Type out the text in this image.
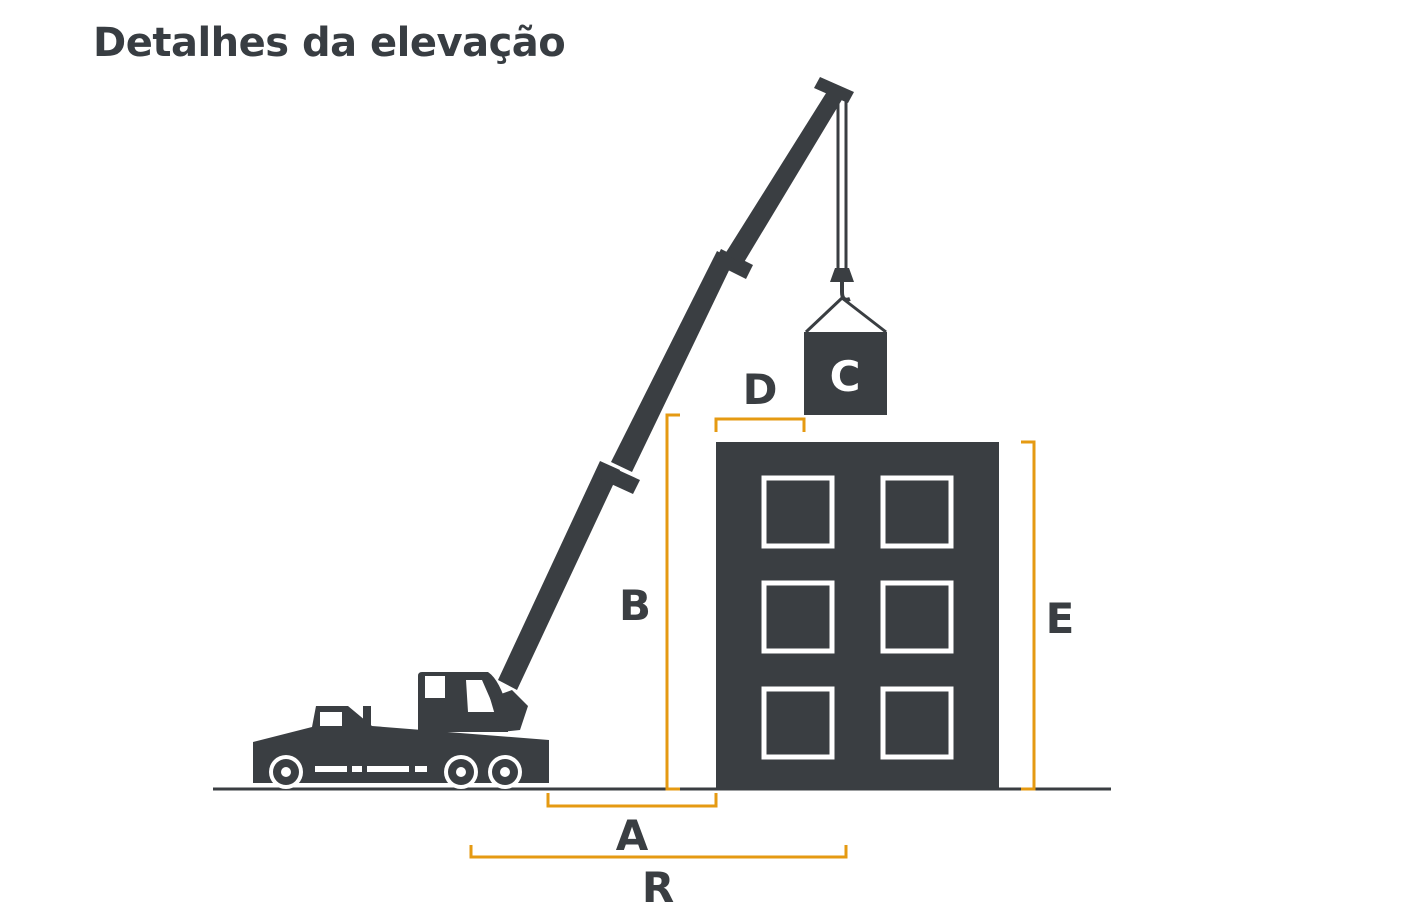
Detalhes da elevação
C
A
R
B
D
E
